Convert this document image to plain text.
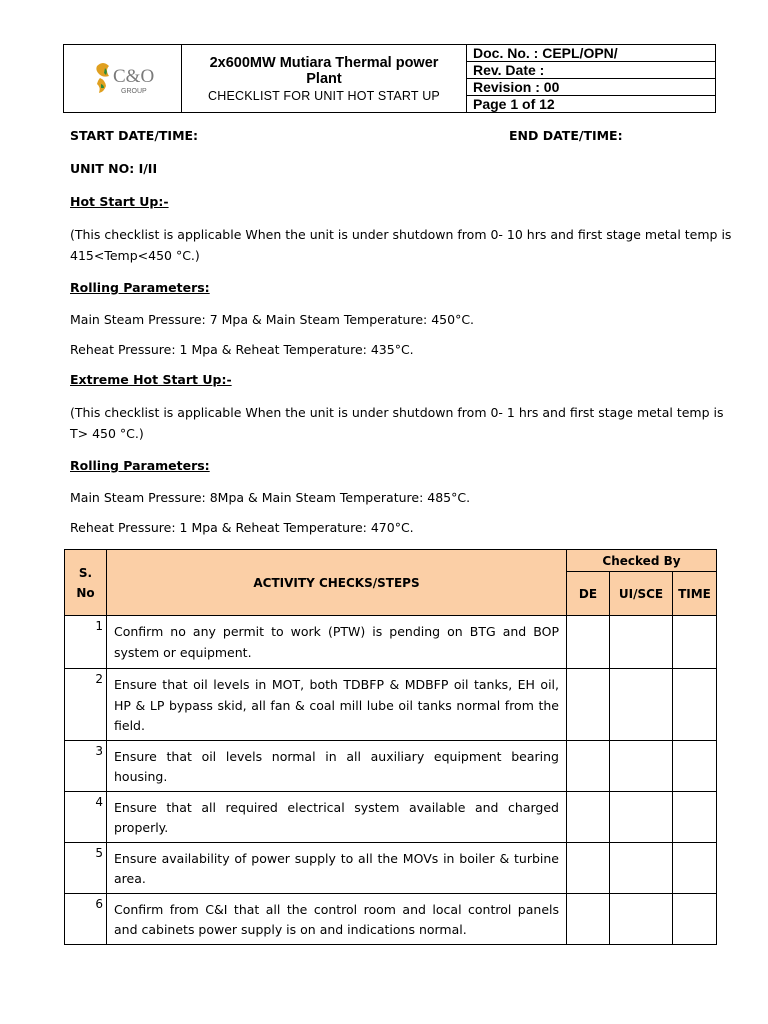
C&O
GROUP
2x600MW Mutiara Thermal power
Plant
CHECKLIST FOR UNIT HOT START UP
Doc. No. : CEPL/OPN/
Rev. Date :
Revision : 00
Page 1 of 12
START DATE/TIME:	END DATE/TIME:
UNIT NO: I/II
Hot Start Up:-
(This checklist is applicable When the unit is under shutdown from 0- 10 hrs and first stage metal temp is 415<Temp<450 °C.)
Rolling Parameters:
Main Steam Pressure: 7 Mpa & Main Steam Temperature: 450°C.
Reheat Pressure: 1 Mpa & Reheat Temperature: 435°C.
Extreme Hot Start Up:-
(This checklist is applicable When the unit is under shutdown from 0- 1 hrs and first stage metal temp is T> 450 °C.)
Rolling Parameters:
Main Steam Pressure: 8Mpa & Main Steam Temperature: 485°C.
Reheat Pressure: 1 Mpa & Reheat Temperature: 470°C.
S.
No	ACTIVITY CHECKS/STEPS	Checked By		
		DE	UI/SCE	TIME
1	Confirm no any permit to work (PTW) is pending on BTG and BOP system or equipment.			
2	Ensure that oil levels in MOT, both TDBFP & MDBFP oil tanks, EH oil, HP & LP bypass skid, all fan & coal mill lube oil tanks normal from the field.			
3	Ensure that oil levels normal in all auxiliary equipment bearing housing.			
4	Ensure that all required electrical system available and charged properly.			
5	Ensure availability of power supply to all the MOVs in boiler & turbine area.			
6	Confirm from C&I that all the control room and local control panels and cabinets power supply is on and indications normal.			
